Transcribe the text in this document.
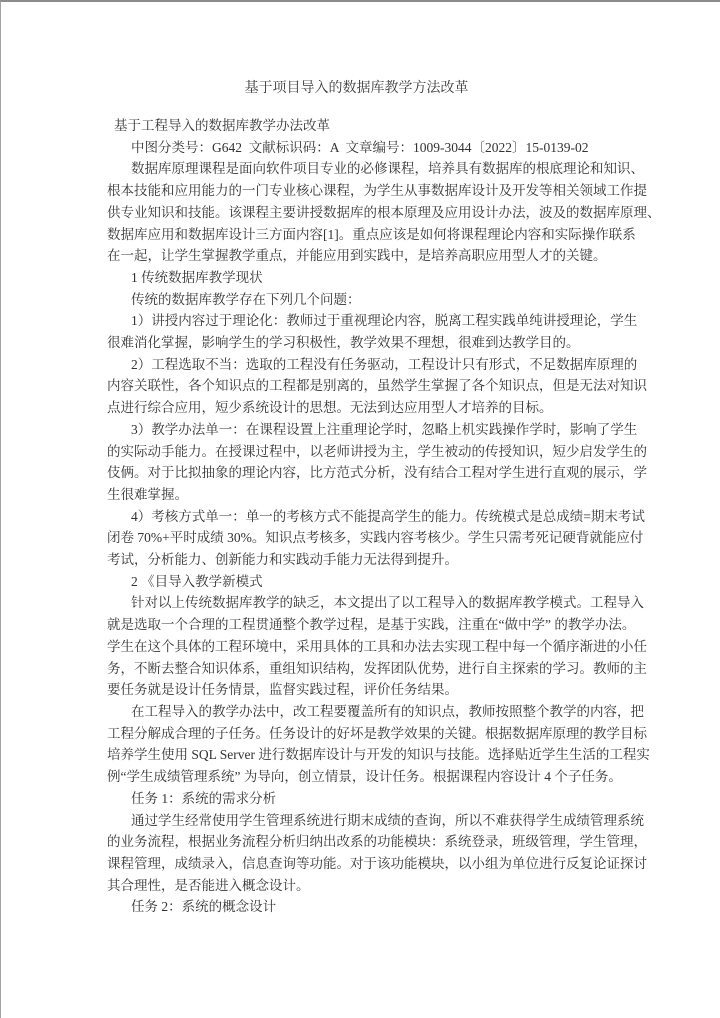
基于项目导入的数据库教学方法改革
基于工程导入的数据库教学办法改革
中图分类号：G642  文献标识码：A  文章编号：1009-3044〔2022〕15-0139-02
数据库原理课程是面向软件项目专业的必修课程，培养具有数据库的根底理论和知识、
根本技能和应用能力的一门专业核心课程，为学生从事数据库设计及开发等相关领域工作提
供专业知识和技能。该课程主要讲授数据库的根本原理及应用设计办法，波及的数据库原理、
数据库应用和数据库设计三方面内容[1]。重点应该是如何将课程理论内容和实际操作联系
在一起，让学生掌握教学重点，并能应用到实践中，是培养高职应用型人才的关键。
1 传统数据库教学现状
传统的数据库教学存在下列几个问题：
1）讲授内容过于理论化：教师过于重视理论内容，脱离工程实践单纯讲授理论，学生
很难消化掌握，影响学生的学习积极性，教学效果不理想，很难到达教学目的。
2）工程选取不当：选取的工程没有任务驱动，工程设计只有形式，不足数据库原理的
内容关联性，各个知识点的工程都是别离的，虽然学生掌握了各个知识点，但是无法对知识
点进行综合应用，短少系统设计的思想。无法到达应用型人才培养的目标。
3）教学办法单一：在课程设置上注重理论学时，忽略上机实践操作学时，影响了学生
的实际动手能力。在授课过程中，以老师讲授为主，学生被动的传授知识，短少启发学生的
伎俩。对于比拟抽象的理论内容，比方范式分析，没有结合工程对学生进行直观的展示，学
生很难掌握。
4）考核方式单一：单一的考核方式不能提高学生的能力。传统模式是总成绩=期末考试
闭卷 70%+平时成绩 30%。知识点考核多，实践内容考核少。学生只需考死记硬背就能应付
考试，分析能力、创新能力和实践动手能力无法得到提升。
2 《目导入教学新模式
针对以上传统数据库教学的缺乏，本文提出了以工程导入的数据库教学模式。工程导入
就是选取一个合理的工程贯通整个教学过程，是基于实践，注重在“做中学” 的教学办法。
学生在这个具体的工程环境中，采用具体的工具和办法去实现工程中每一个循序渐进的小任
务，不断去整合知识体系，重组知识结构，发挥团队优势，进行自主探索的学习。教师的主
要任务就是设计任务情景，监督实践过程，评价任务结果。
在工程导入的教学办法中，改工程要覆盖所有的知识点，教师按照整个教学的内容，把
工程分解成合理的子任务。任务设计的好坏是教学效果的关键。根据数据库原理的教学目标
培养学生使用 SQL Server 进行数据库设计与开发的知识与技能。选择贴近学生生活的工程实
例“学生成绩管理系统” 为导向，创立情景，设计任务。根据课程内容设计 4 个子任务。
任务 1：系统的需求分析
通过学生经常使用学生管理系统进行期末成绩的查询，所以不难获得学生成绩管理系统
的业务流程，根据业务流程分析归纳出改系的功能模块：系统登录，班级管理，学生管理，
课程管理，成绩录入，信息查询等功能。对于该功能模块，以小组为单位进行反复论证探讨
其合理性，是否能进入概念设计。
任务 2：系统的概念设计
